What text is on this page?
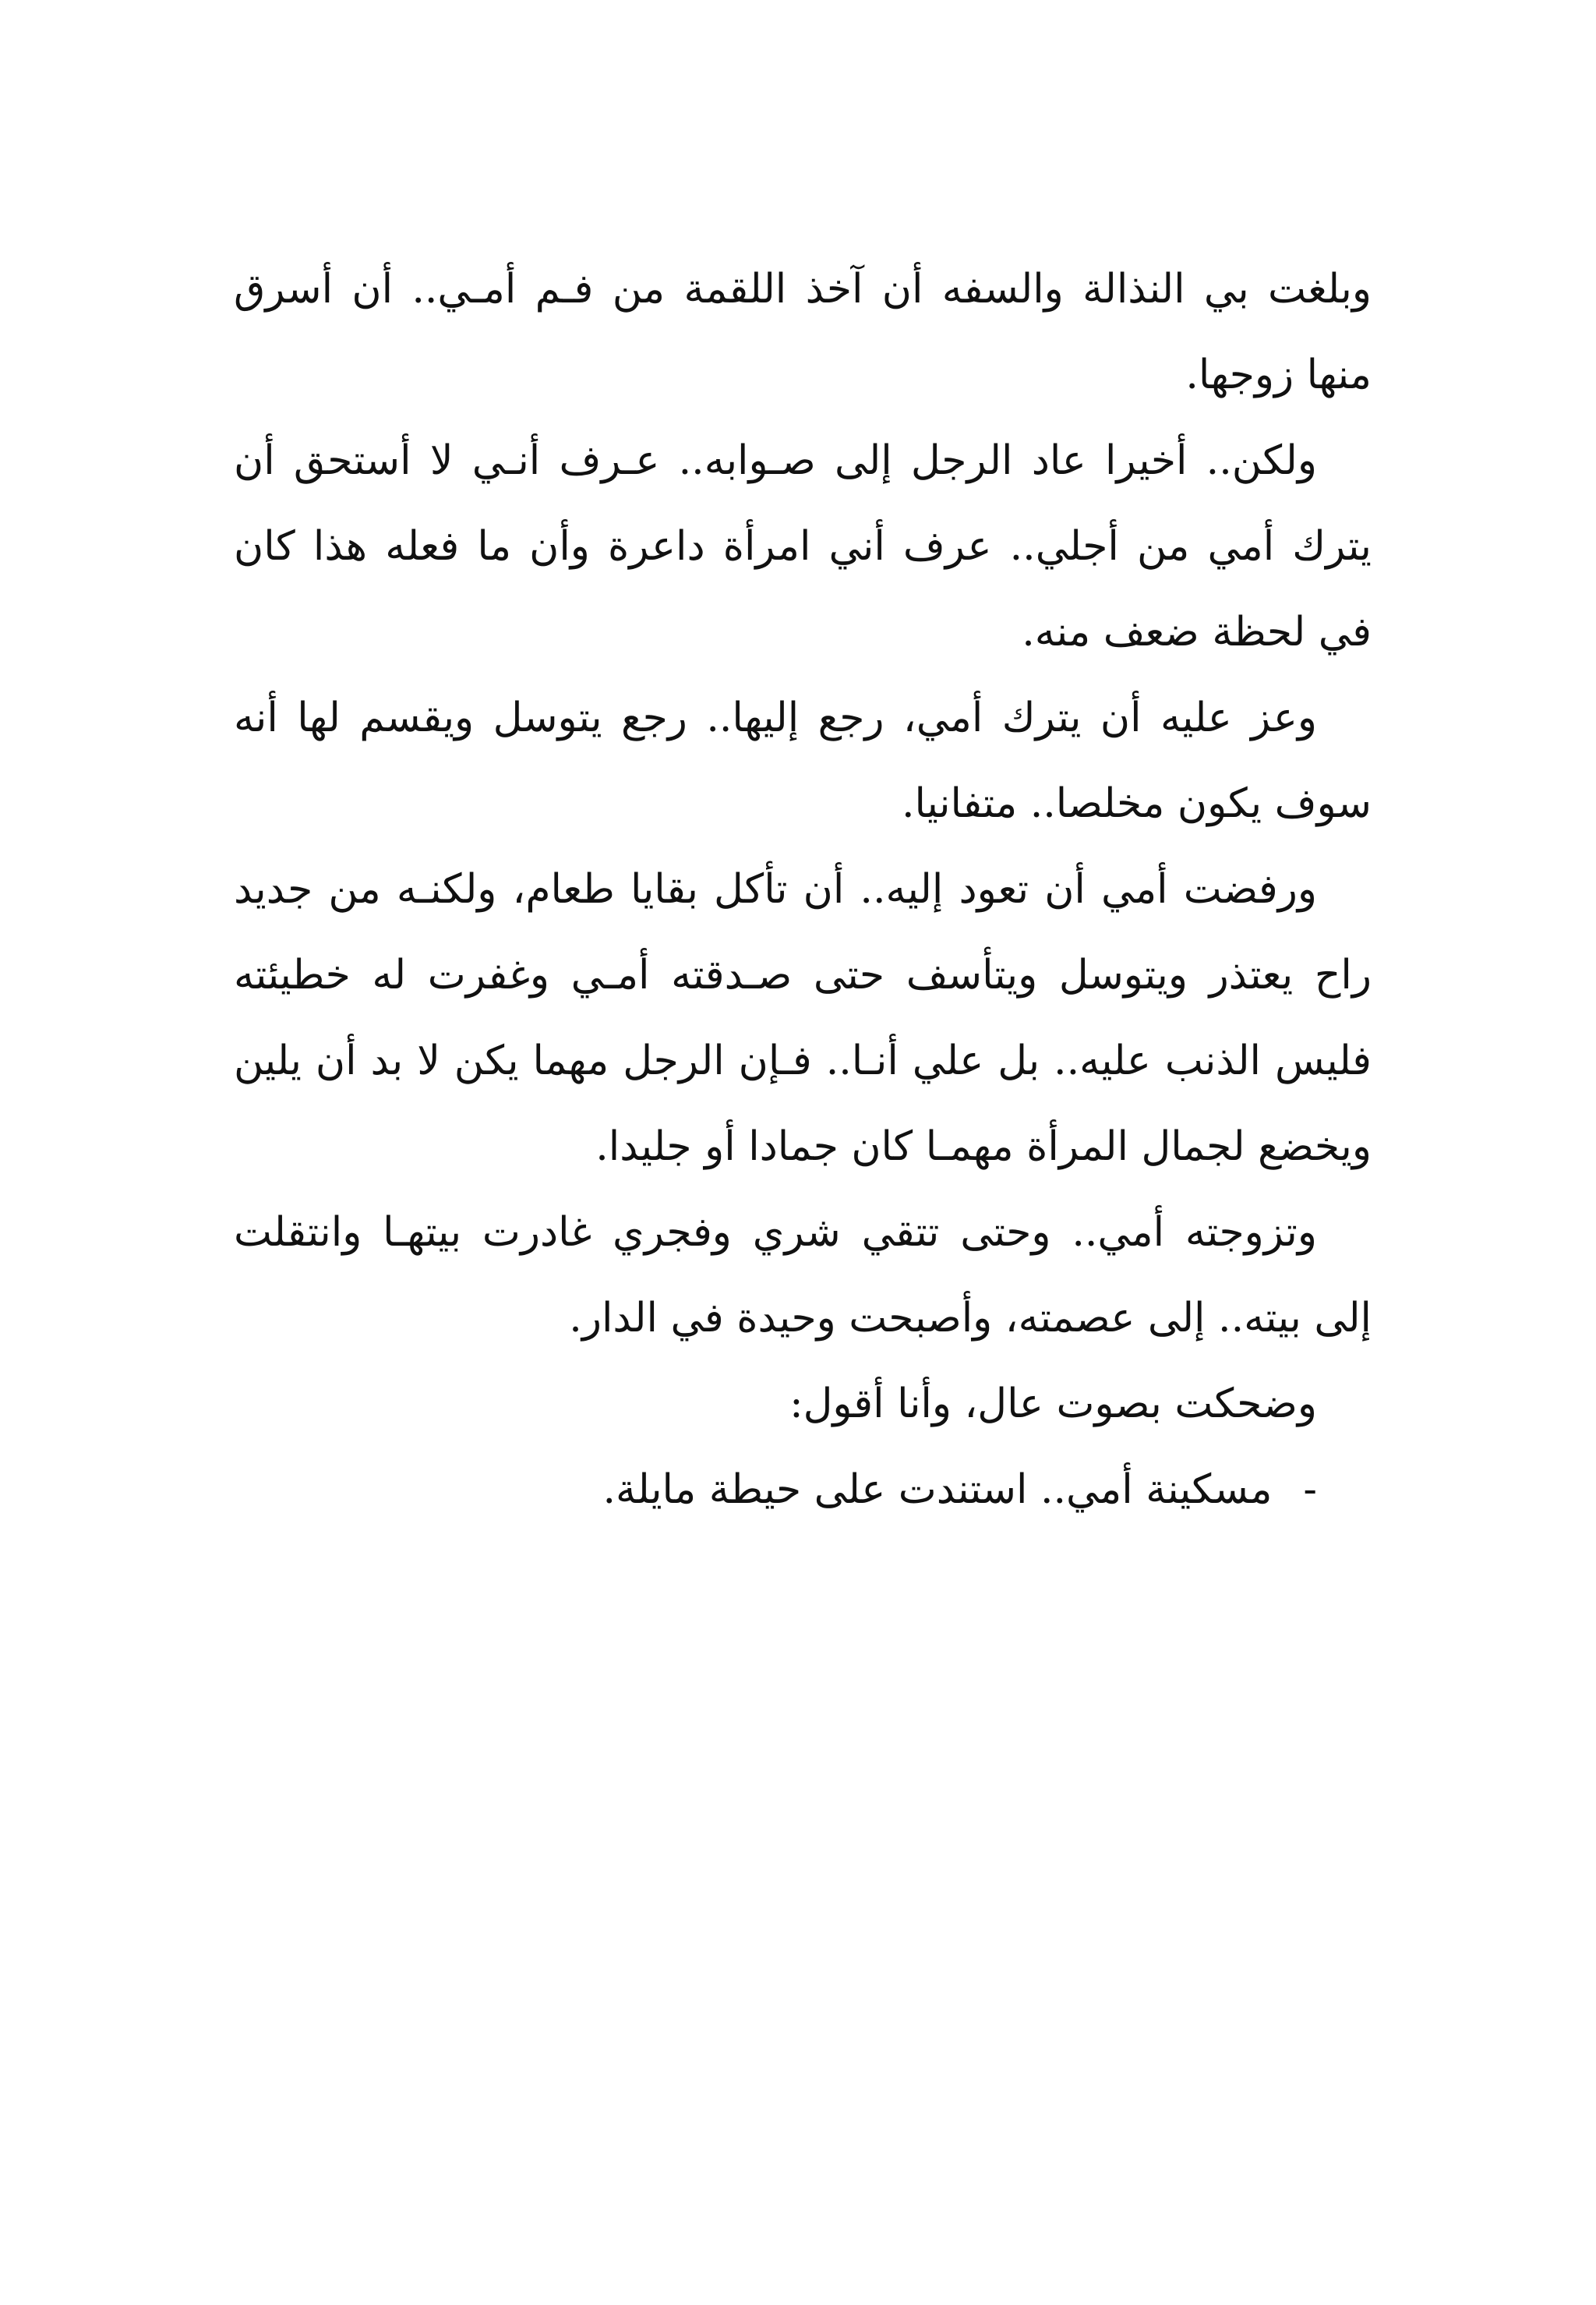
وبلغت بي النذالة والسفه أن آخذ اللقمة من فـم أمـي.. أن أسرق منها زوجها.

ولكن.. أخيرا عاد الرجل إلى صـوابه.. عـرف أنـي لا أستحق أن يترك أمي من أجلي.. عرف أني امرأة داعرة وأن ما فعله هذا كان في لحظة ضعف منه.

وعز عليه أن يترك أمي، رجع إليها.. رجع يتوسل ويقسم لها أنه سوف يكون مخلصا.. متفانيا.

ورفضت أمي أن تعود إليه.. أن تأكل بقايا طعام، ولكنـه من جديد راح يعتذر ويتوسل ويتأسف حتى صـدقته أمـي وغفرت له خطيئته فليس الذنب عليه.. بل علي أنـا.. فـإن الرجل مهما يكن لا بد أن يلين ويخضع لجمال المرأة مهمـا كان جمادا أو جليدا.

وتزوجته أمي.. وحتى تتقي شري وفجري غادرت بيتهـا وانتقلت إلى بيته.. إلى عصمته، وأصبحت وحيدة في الدار.

وضحكت بصوت عال، وأنا أقول:

-مسكينة أمي.. استندت على حيطة مايلة.
